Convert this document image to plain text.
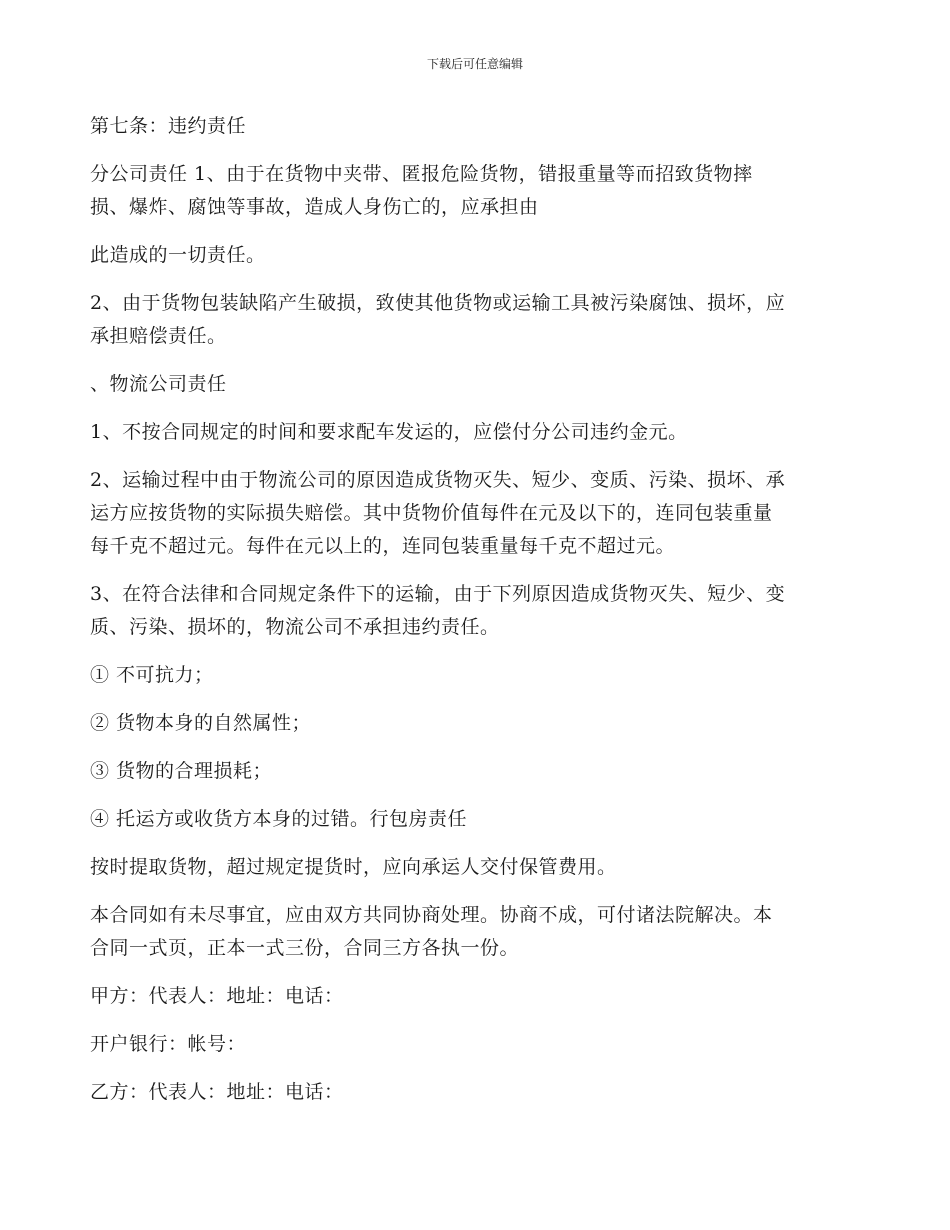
下载后可任意编辑

第七条：违约责任

分公司责任 1、由于在货物中夹带、匿报危险货物，错报重量等而招致货物摔
损、爆炸、腐蚀等事故，造成人身伤亡的，应承担由

此造成的一切责任。

2、由于货物包装缺陷产生破损，致使其他货物或运输工具被污染腐蚀、损坏，应
承担赔偿责任。

、物流公司责任

1、不按合同规定的时间和要求配车发运的，应偿付分公司违约金元。

2、运输过程中由于物流公司的原因造成货物灭失、短少、变质、污染、损坏、承
运方应按货物的实际损失赔偿。其中货物价值每件在元及以下的，连同包装重量
每千克不超过元。每件在元以上的，连同包装重量每千克不超过元。

3、在符合法律和合同规定条件下的运输，由于下列原因造成货物灭失、短少、变
质、污染、损坏的，物流公司不承担违约责任。

① 不可抗力；

② 货物本身的自然属性；

③ 货物的合理损耗；

④ 托运方或收货方本身的过错。行包房责任

按时提取货物，超过规定提货时，应向承运人交付保管费用。

本合同如有未尽事宜，应由双方共同协商处理。协商不成，可付诸法院解决。本
合同一式页，正本一式三份，合同三方各执一份。

甲方：代表人：地址：电话：

开户银行：帐号：

乙方：代表人：地址：电话：
